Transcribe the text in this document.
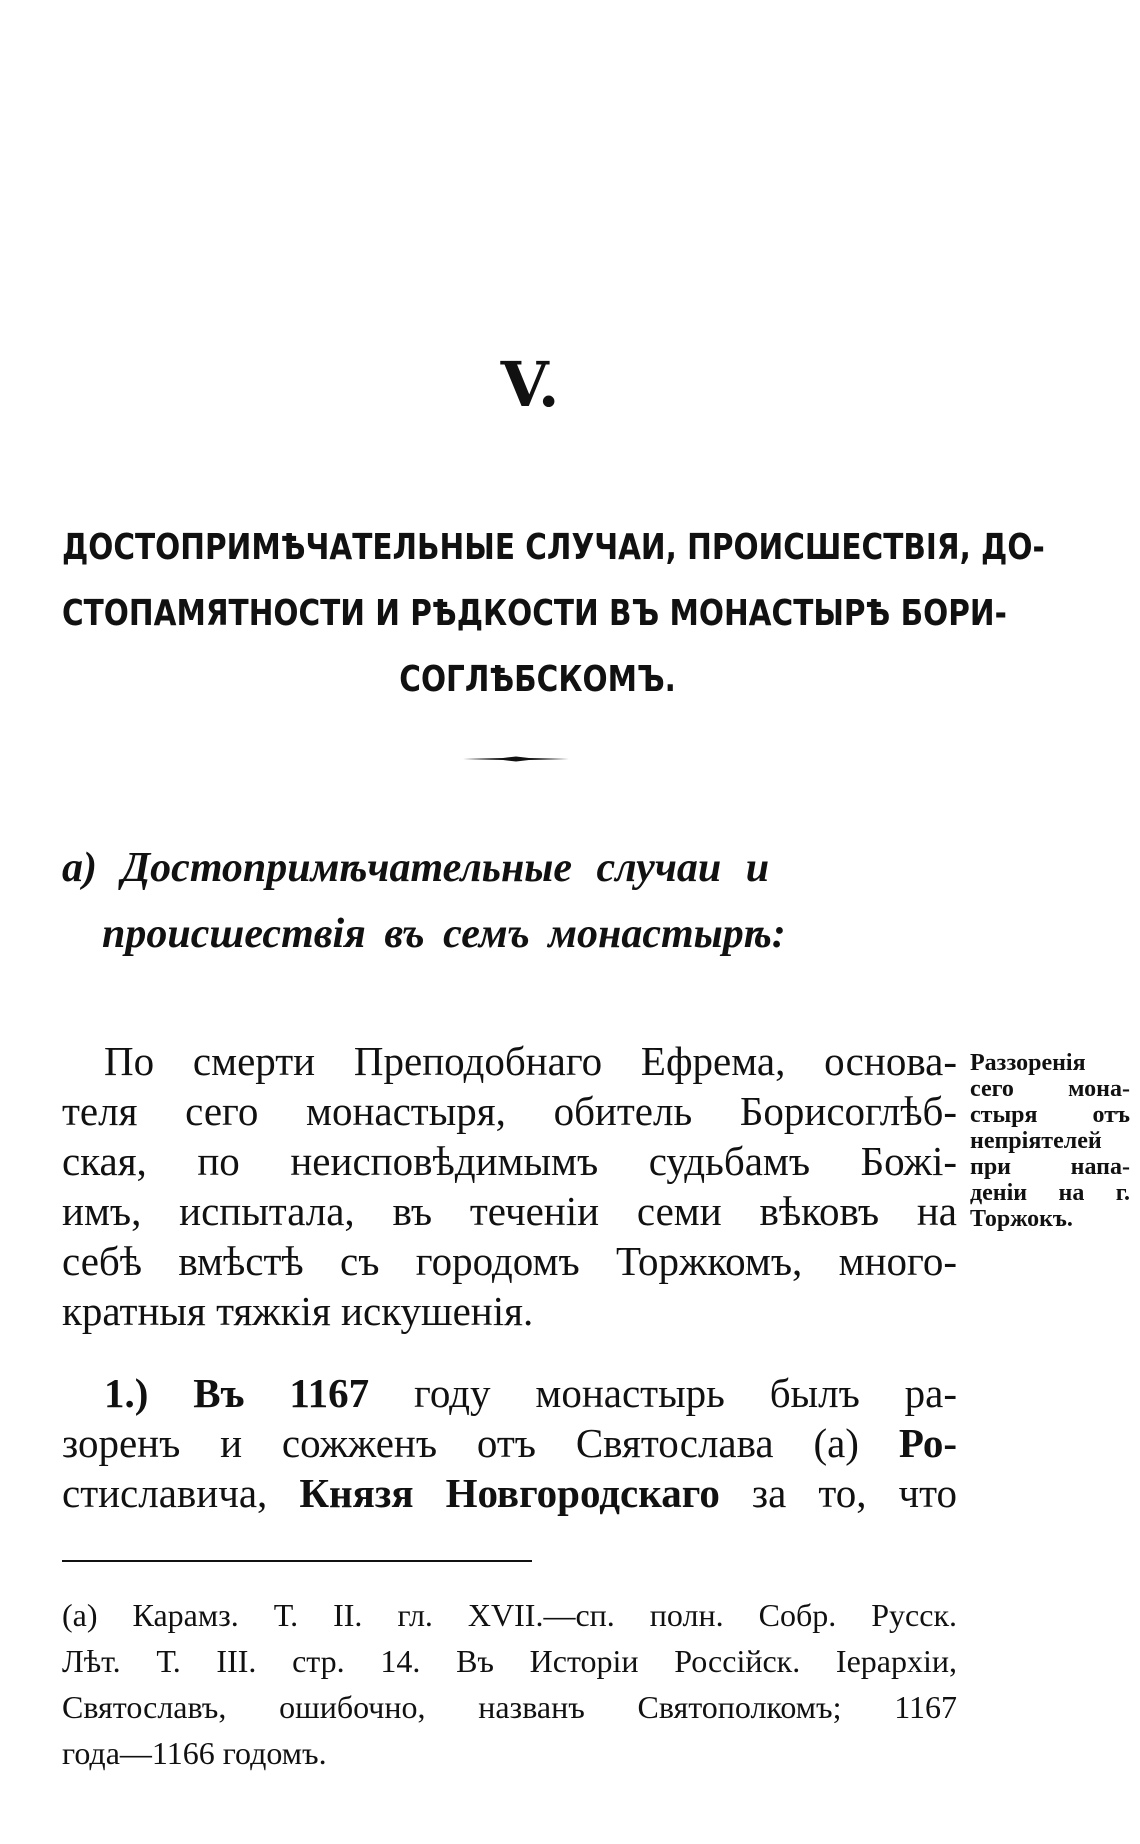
V.
ДОСТОПРИМѢЧАТЕЛЬНЫЕ СЛУЧАИ, ПРОИСШЕСТВІЯ, ДО-
СТОПАМЯТНОСТИ И РѢДКОСТИ ВЪ МОНАСТЫРѢ БОРИ-
СОГЛѢБСКОМЪ.
а) Достопримѣчательные случаи и
происшествія въ семъ монастырѣ:
По смерти Преподобнаго Ефрема, основа-
теля сего монастыря, обитель Борисоглѣб-
ская, по неисповѣдимымъ судьбамъ Божі-
имъ, испытала, въ теченіи семи вѣковъ на
себѣ вмѣстѣ съ городомъ Торжкомъ, много-
кратныя тяжкія искушенія.
Раззоренія
сего мона-
стыря отъ
непріятелей
при напа-
деніи на г.
Торжокъ.
1.) Въ 1167 году монастырь былъ ра-
зоренъ и сожженъ отъ Святослава (а) Ро-
стиславича, Князя Новгородскаго за то, что
(а) Карамз. Т. II. гл. XVII.—сп. полн. Собр. Русск.
Лѣт. Т. III. стр. 14. Въ Исторіи Россійск. Іерархіи,
Святославъ, ошибочно, названъ Святополкомъ; 1167
года—1166 годомъ.
